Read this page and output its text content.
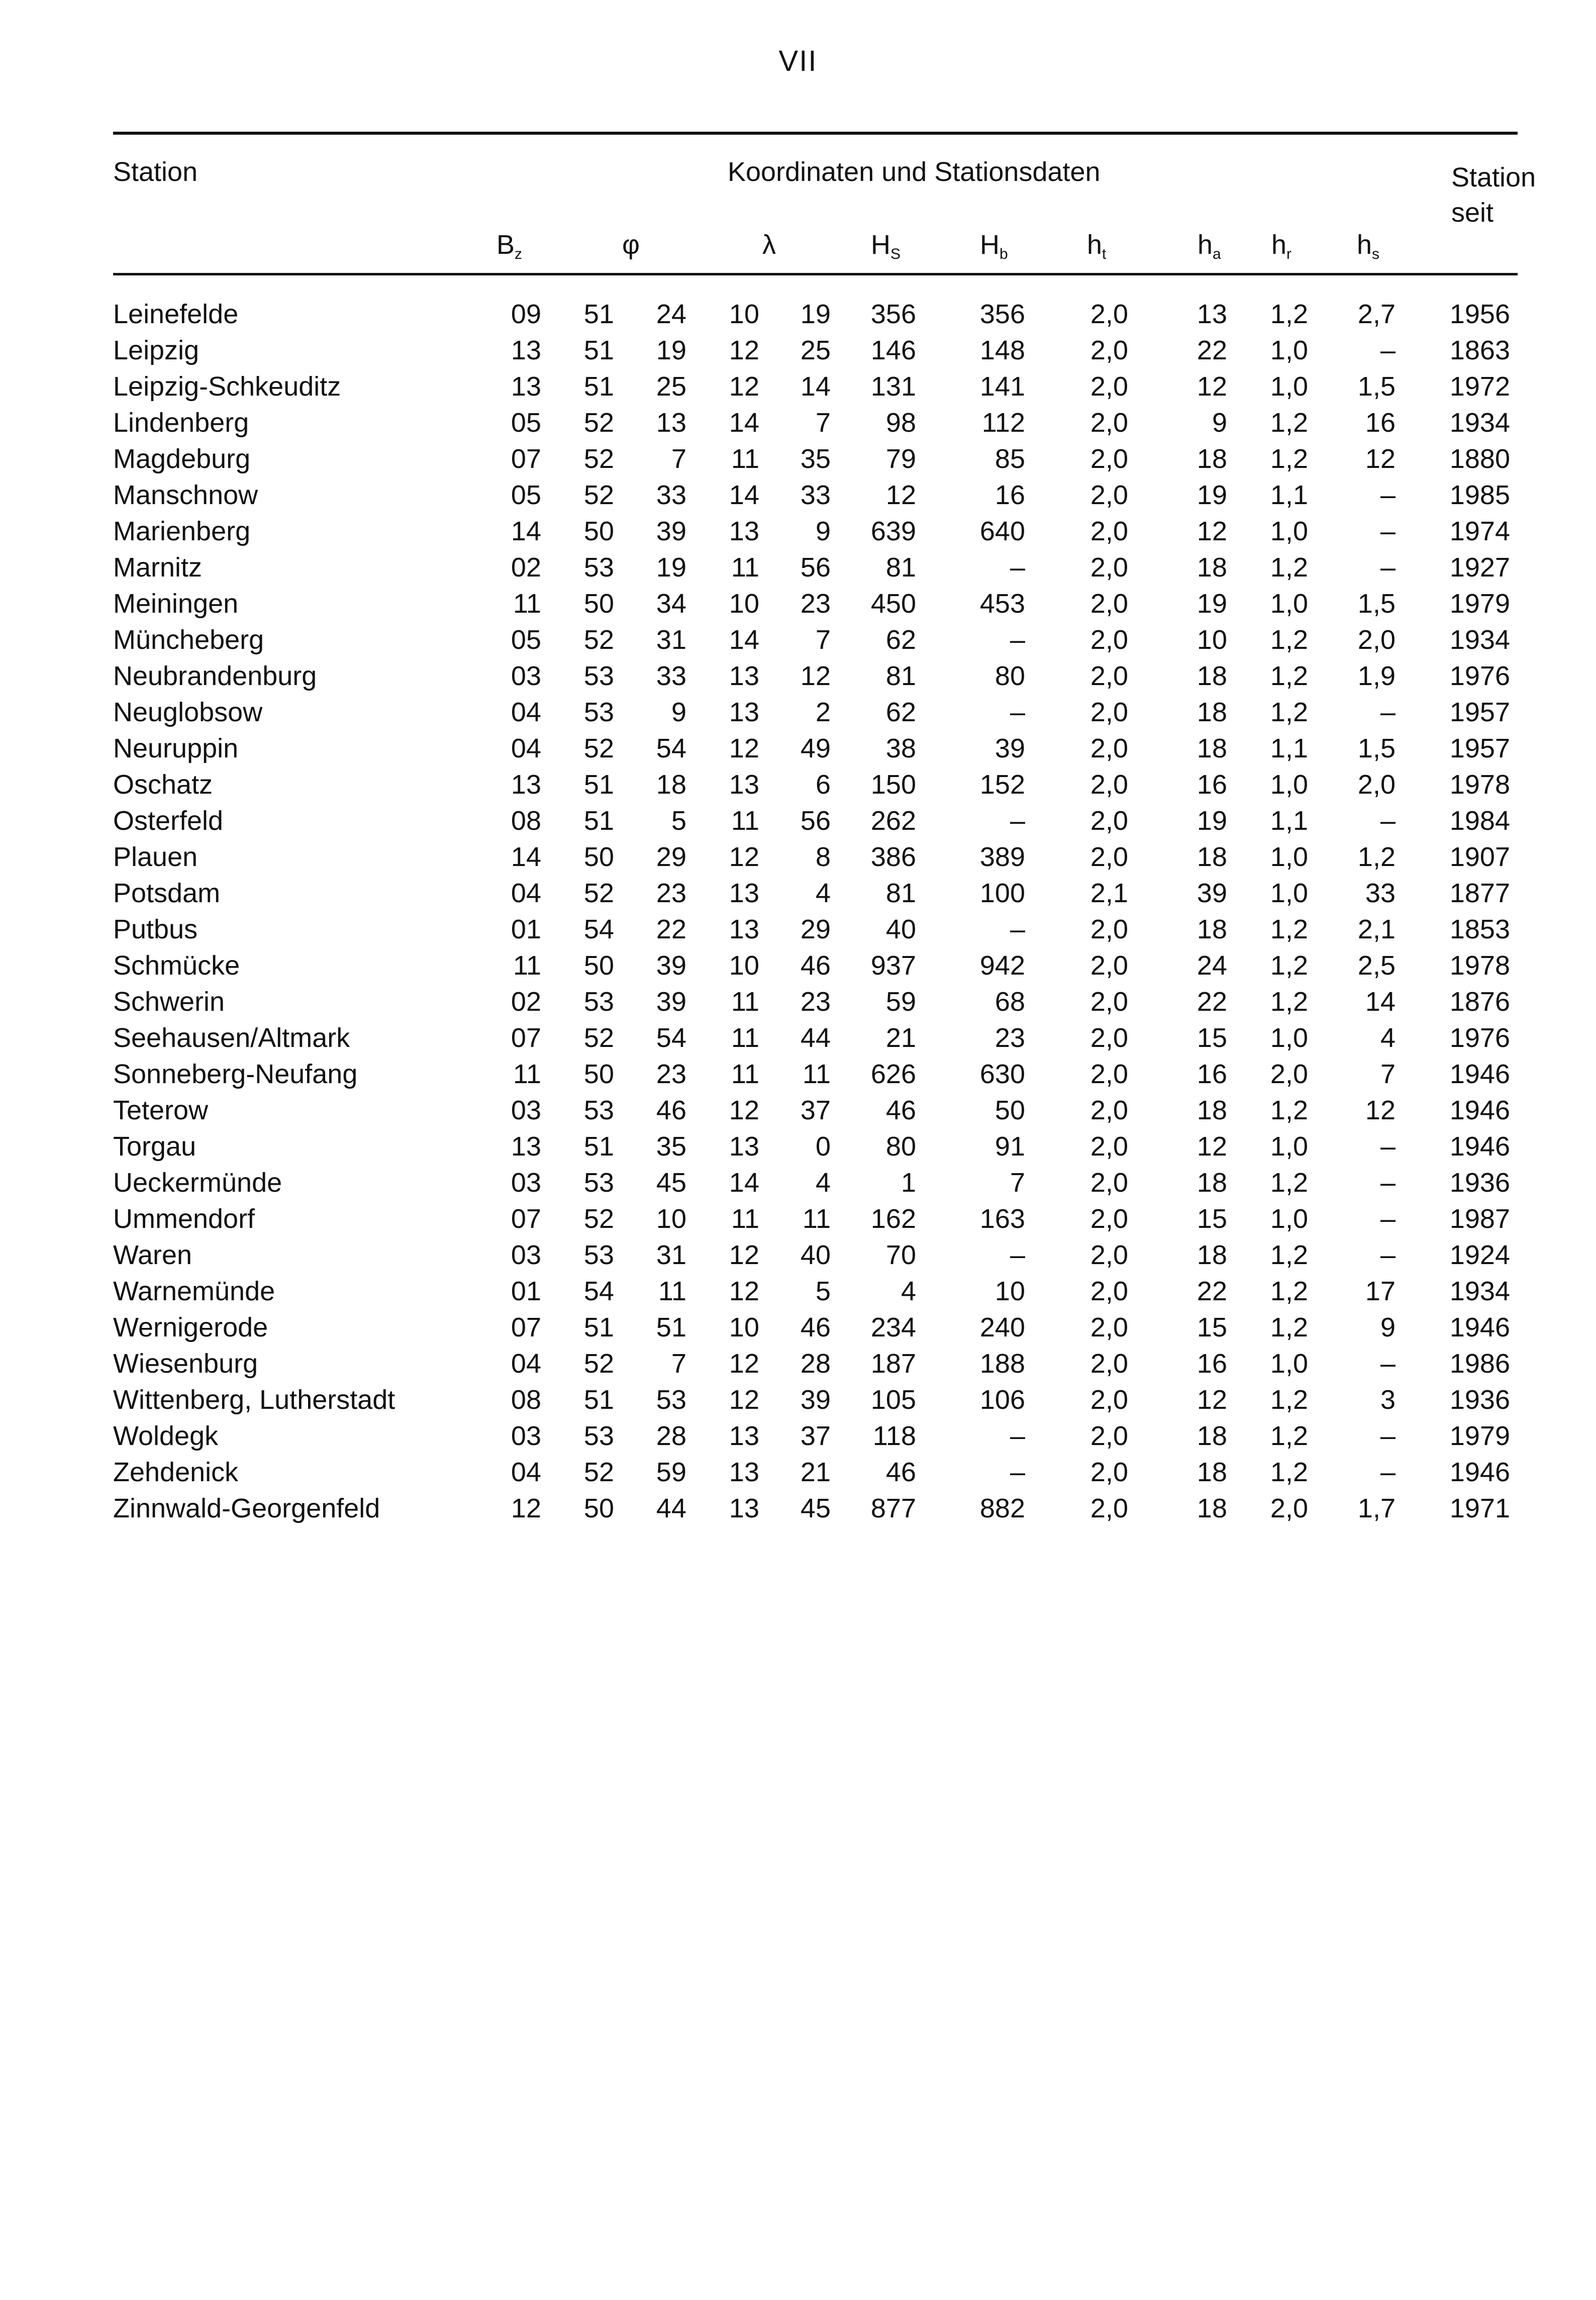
VII
Station	Koordinaten und Stationsdaten	Station
seit
$B_z$	φ	λ	$H_S$	$H_b$	$h_t$	$h_a$ $h_r$ $h_s$
Leinefelde	09 51 24 10 19 356 356 2,0	13 1,2 2,7 1956
Leipzig	13 51 19 12 25 146 148 2,0	22 1,0	– 1863
Leipzig-Schkeuditz	13 51 25 12 14 131 141 2,0	12 1,0 1,5 1972
Lindenberg	05 52 13 14 7 98 112 2,0	9 1,2 16 1934
Magdeburg	07 52 7 11 35 79	85 2,0	18 1,2 12 1880
Manschnow	05 52 33 14 33 12	16 2,0	19 1,1	– 1985
Marienberg	14 50 39 13 9 639 640 2,0	12 1,0	– 1974
Marnitz	02 53 19 11 56 81	– 2,0	18 1,2	– 1927
Meiningen	11 50 34 10 23 450 453 2,0	19 1,0 1,5 1979
Müncheberg	05 52 31 14 7 62	– 2,0	10 1,2 2,0 1934
Neubrandenburg	03 53 33 13 12 81	80 2,0	18 1,2 1,9 1976
Neuglobsow	04 53 9 13 2 62	– 2,0	18 1,2	– 1957
Neuruppin	04 52 54 12 49 38	39 2,0	18 1,1 1,5 1957
Oschatz	13 51 18 13 6 150 152 2,0	16 1,0 2,0 1978
Osterfeld	08 51 5 11 56 262	– 2,0	19 1,1	– 1984
Plauen	14 50 29 12 8 386 389 2,0	18 1,0 1,2 1907
Potsdam	04 52 23 13 4 81 100 2,1	39 1,0 33 1877
Putbus	01 54 22 13 29 40	– 2,0	18 1,2 2,1 1853
Schmücke	11 50 39 10 46 937 942 2,0	24 1,2 2,5 1978
Schwerin	02 53 39 11 23 59	68 2,0	22 1,2 14 1876
Seehausen/Altmark	07 52 54 11 44 21	23 2,0	15 1,0	4 1976
Sonneberg-Neufang	11 50 23 11 11 626 630 2,0	16 2,0	7 1946
Teterow	03 53 46 12 37 46	50 2,0	18 1,2 12 1946
Torgau	13 51 35 13 0 80	91 2,0	12 1,0	– 1946
Ueckermünde	03 53 45 14 4	1	7 2,0	18 1,2	– 1936
Ummendorf	07 52 10 11 11 162 163 2,0	15 1,0	– 1987
Waren	03 53 31 12 40 70	– 2,0	18 1,2	– 1924
Warnemünde	01 54 11 12 5	4	10 2,0	22 1,2 17 1934
Wernigerode	07 51 51 10 46 234 240 2,0	15 1,2	9 1946
Wiesenburg	04 52 7 12 28 187 188 2,0	16 1,0	– 1986
Wittenberg, Lutherstadt	08 51 53 12 39 105 106 2,0	12 1,2	3 1936
Woldegk	03 53 28 13 37 118	– 2,0	18 1,2	– 1979
Zehdenick	04 52 59 13 21 46	– 2,0	18 1,2	– 1946
Zinnwald-Georgenfeld	12 50 44 13 45 877 882 2,0	18 2,0 1,7 1971
